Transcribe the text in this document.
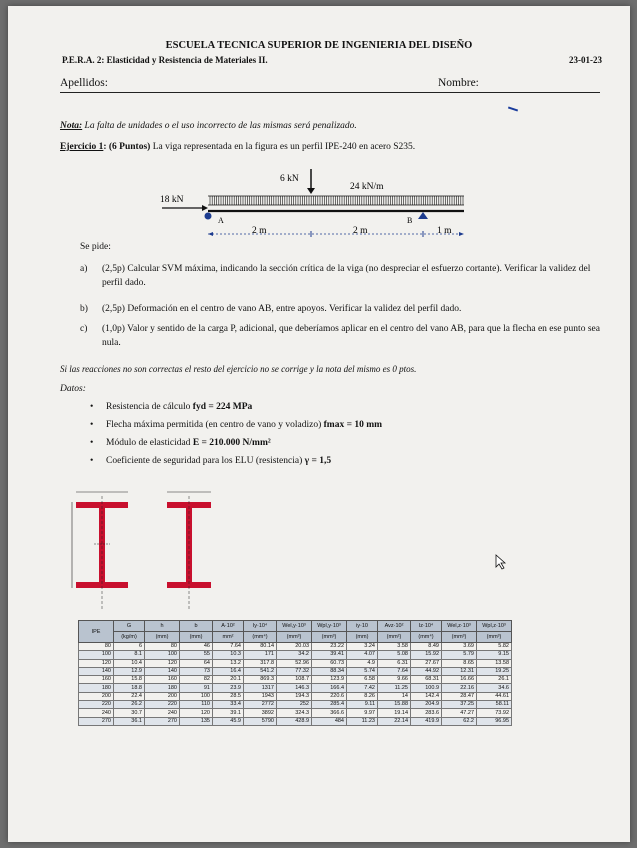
ESCUELA TECNICA SUPERIOR DE INGENIERIA DEL DISEÑO
P.E.R.A. 2: Elasticidad y Resistencia de Materiales II.	23-01-23
Apellidos:	Nombre:
Nota: La falta de unidades o el uso incorrecto de las mismas será penalizado.
Ejercicio 1: (6 Puntos) La viga representada en la figura es un perfil IPE-240 en acero S235.
6 kN
24 kN/m
18 kN
A	B
2 m	2 m	1 m
Se pide:
a) (2,5p) Calcular SVM máxima, indicando la sección crítica de la viga (no despreciar el esfuerzo cortante). Verificar la validez del perfil dado.
b) (2,5p) Deformación en el centro de vano AB, entre apoyos. Verificar la validez del perfil dado.
c) (1,0p) Valor y sentido de la carga P, adicional, que deberíamos aplicar en el centro del vano AB, para que la flecha en ese punto sea nula.
Si las reacciones no son correctas el resto del ejercicio no se corrige y la nota del mismo es 0 ptos.
Datos:
• Resistencia de cálculo fyd = 224 MPa
• Flecha máxima permitida (en centro de vano y voladizo) fmax = 10 mm
• Módulo de elasticidad E = 210.000 N/mm²
• Coeficiente de seguridad para los ELU (resistencia) γ = 1,5
IPE	G	h	b	A·10²	Iy·10⁴	Wel,y·10³	Wpl,y·10³	iy·10	Avz·10²	Iz·10⁴	Wel,z·10³	Wpl,z·10³
	(kg/m)	(mm)	(mm)	mm²	(mm⁴)	(mm³)	(mm³)	(mm)	(mm²)	(mm⁴)	(mm³)	(mm³)
80	6	80	46	7.64	80.14	20.03	23.22	3.24	3.58	8.49	3.69	5.82
100	8.1	100	55	10.3	171	34.2	39.41	4.07	5.08	15.92	5.79	9.15
120	10.4	120	64	13.2	317.8	52.96	60.73	4.9	6.31	27.67	8.65	13.58
140	12.9	140	73	16.4	541.2	77.32	88.34	5.74	7.64	44.92	12.31	19.25
160	15.8	160	82	20.1	869.3	108.7	123.9	6.58	9.66	68.31	16.66	26.1
180	18.8	180	91	23.9	1317	146.3	166.4	7.42	11.25	100.9	22.16	34.6
200	22.4	200	100	28.5	1943	194.3	220.6	8.26	14	142.4	28.47	44.61
220	26.2	220	110	33.4	2772	252	285.4	9.11	15.88	204.9	37.25	58.11
240	30.7	240	120	39.1	3892	324.3	366.6	9.97	19.14	283.6	47.27	73.92
270	36.1	270	135	45.9	5790	428.9	484	11.23	22.14	419.9	62.2	96.95
